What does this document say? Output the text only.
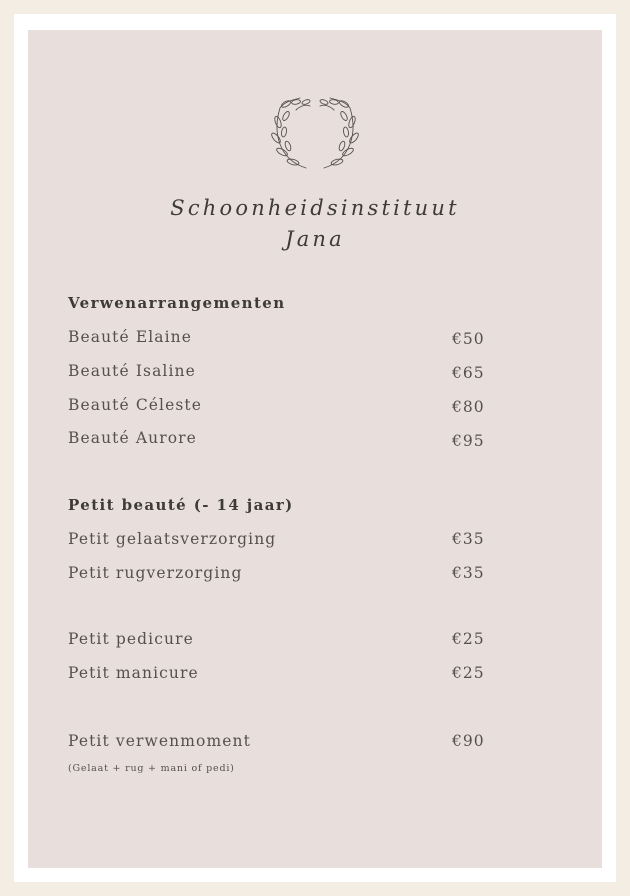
Schoonheidsinstituut
Jana
Verwenarrangementen
Beauté Elaine	€50
Beauté Isaline	€65
Beauté Céleste	€80
Beauté Aurore	€95
Petit beauté (- 14 jaar)
Petit gelaatsverzorging	€35
Petit rugverzorging	€35
Petit pedicure	€25
Petit manicure	€25
Petit verwenmoment	€90
(Gelaat + rug + mani of pedi)
